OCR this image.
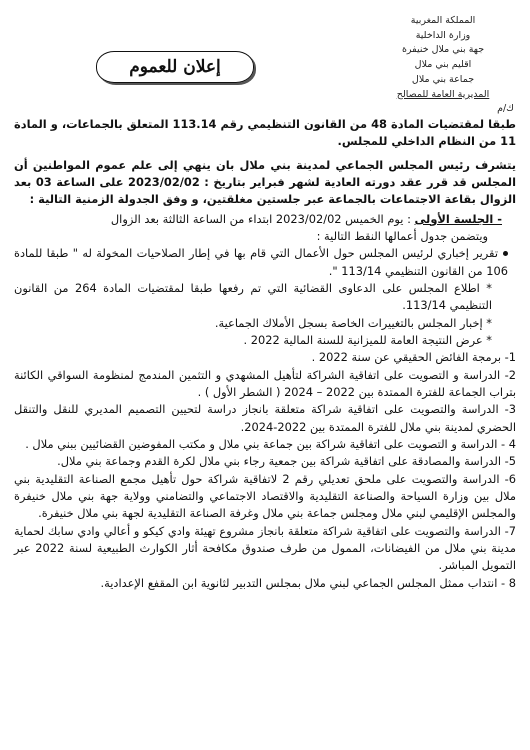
المملكة المغربية
وزارة الداخلية
جهة بني ملال خنيفرة
اقليم بني ملال
جماعة بني ملال
المديرية العامة للمصالح
ك/م
إعلان للعموم

طبقا لمقتضيات المادة 48 من القانون التنظيمي رقم 113.14 المتعلق بالجماعات، و المادة 11 من النظام الداخلي للمجلس.

يتشرف رئيس المجلس الجماعي لمدينة بني ملال بان ينهي إلى علم عموم المواطنين أن المجلس قد قرر عقد دورته العادية لشهر فبراير بتاريخ : 2023/02/02 على الساعة 03 بعد الزوال بقاعة الاجتماعات بالجماعة عبر جلستين مغلقتين، و وفق الجدولة الزمنية التالية :

- الجلسة الأولى : يوم الخميس 2023/02/02 ابتداء من الساعة الثالثة بعد الزوال

ويتضمن جدول أعمالها النقط التالية :

تقرير إخباري لرئيس المجلس حول الأعمال التي قام بها في إطار الصلاحيات المخولة له " طبقا للمادة 106 من القانون التنظيمي 113/14 ".

* اطلاع المجلس على الدعاوى القضائية التي تم رفعها طبقا لمقتضيات المادة 264 من القانون التنظيمي 113/14.

* إخبار المجلس بالتغييرات الخاصة بسجل الأملاك الجماعية.

* عرض النتيجة العامة للميزانية للسنة المالية 2022 .

1- برمجة الفائض الحقيقي عن سنة 2022 .

2- الدراسة و التصويت على اتفاقية الشراكة لتأهيل المشهدي و التثمين المندمج لمنظومة السواقي الكائنة بتراب الجماعة للفترة الممتدة بين 2022 – 2024 ( الشطر الأول ) .

3- الدراسة والتصويت على اتفاقية شراكة متعلقة بانجاز دراسة لتحيين التصميم المديري للنقل والتنقل الحضري لمدينة بني ملال للفترة الممتدة بين 2022-2024.

4 - الدراسة و التصويت على اتفاقية شراكة بين جماعة بني ملال و مكتب المفوضين القضائيين ببني ملال .

5- الدراسة والمصادقة على اتفاقية شراكة بين جمعية رجاء بني ملال لكرة القدم وجماعة بني ملال.

6- الدراسة والتصويت على ملحق تعديلي رقم 2 لاتفاقية شراكة حول تأهيل مجمع الصناعة التقليدية بني ملال بين وزارة السياحة والصناعة التقليدية والاقتصاد الاجتماعي والتضامني وولاية جهة بني ملال خنيفرة والمجلس الإقليمي لبني ملال ومجلس جماعة بني ملال وغرفة الصناعة التقليدية لجهة بني ملال خنيفرة.

7- الدراسة والتصويت على اتفاقية شراكة متعلقة بانجاز مشروع تهيئة وادي كيكو و أعالي وادي سابك لحماية مدينة بني ملال من الفيضانات، الممول من طرف صندوق مكافحة أثار الكوارث الطبيعية لسنة 2022 عبر التمويل المباشر.

8 - انتداب ممثل المجلس الجماعي لبني ملال بمجلس التدبير لثانوية ابن المقفع الإعدادية.
